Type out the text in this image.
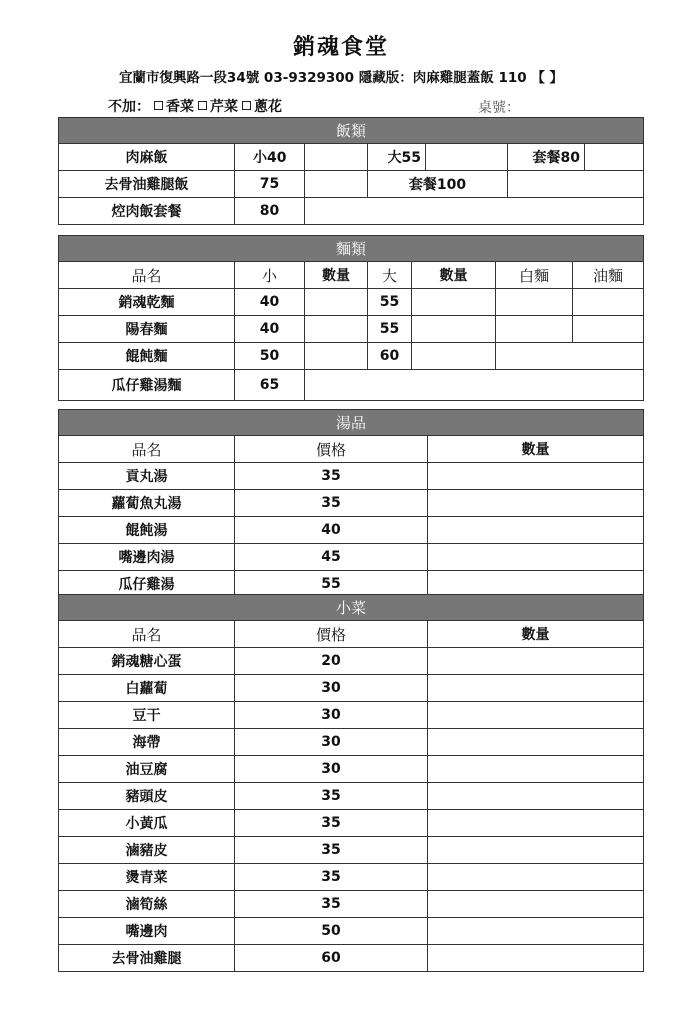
銷魂食堂
宜蘭市復興路一段34號 03-9329300 隱藏版：肉麻雞腿蓋飯 110 【 】
不加： 香菜 芹菜 蔥花	桌號：
飯類						
肉麻飯	小40		大55		套餐80	
去骨油雞腿飯	75		套餐100			
焢肉飯套餐	80					
麵類						
品名	小	數量	大	數量	白麵	油麵
銷魂乾麵	40		55			
陽春麵	40		55			
餛飩麵	50		60			
瓜仔雞湯麵	65					
湯品		
品名	價格	數量
貢丸湯	35	
蘿蔔魚丸湯	35	
餛飩湯	40	
嘴邊肉湯	45	
瓜仔雞湯	55	
小菜		
品名	價格	數量
銷魂糖心蛋	20	
白蘿蔔	30	
豆干	30	
海帶	30	
油豆腐	30	
豬頭皮	35	
小黃瓜	35	
滷豬皮	35	
燙青菜	35	
滷筍絲	35	
嘴邊肉	50	
去骨油雞腿	60	
